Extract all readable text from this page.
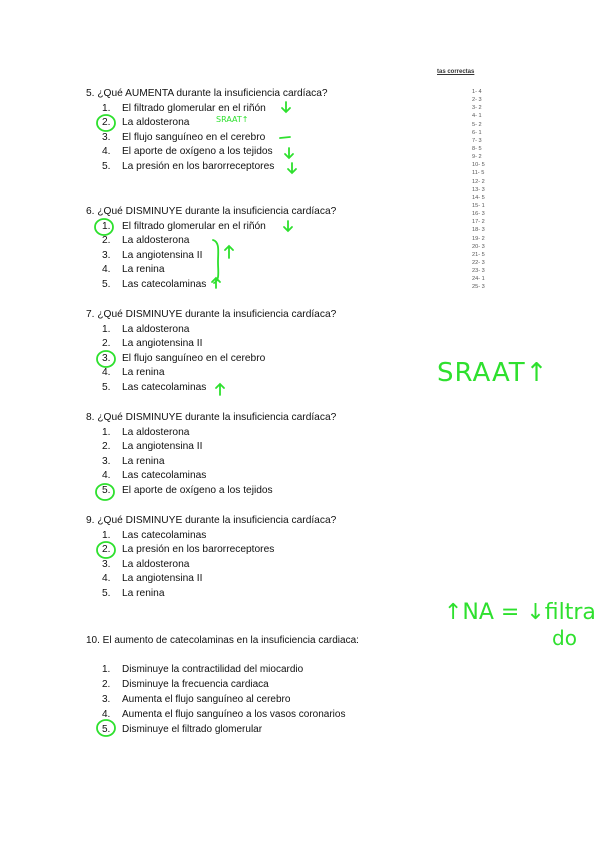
tas correctas
1- 4
2- 3
3- 2
4- 1
5- 2
6- 1
7- 3
8- 5
9- 2
10- 5
11- 5
12- 2
13- 3
14- 5
15- 1
16- 3
17- 2
18- 3
19- 2
20- 3
21- 5
22- 3
23- 3
24- 1
25- 3
5. ¿Qué AUMENTA durante la insuficiencia cardíaca?
1.	El filtrado glomerular en el riñón
2.	La aldosterona
3.	El flujo sanguíneo en el cerebro
4.	El aporte de oxígeno a los tejidos
5.	La presión en los barorreceptores
6. ¿Qué DISMINUYE durante la insuficiencia cardíaca?
1.	El filtrado glomerular en el riñón
2.	La aldosterona
3.	La angiotensina II
4.	La renina
5.	Las catecolaminas
7. ¿Qué DISMINUYE durante la insuficiencia cardíaca?
1.	La aldosterona
2.	La angiotensina II
3.	El flujo sanguíneo en el cerebro
4.	La renina
5.	Las catecolaminas
8. ¿Qué DISMINUYE durante la insuficiencia cardíaca?
1.	La aldosterona
2.	La angiotensina II
3.	La renina
4.	Las catecolaminas
5.	El aporte de oxígeno a los tejidos
9. ¿Qué DISMINUYE durante la insuficiencia cardíaca?
1.	Las catecolaminas
2.	La presión en los barorreceptores
3.	La aldosterona
4.	La angiotensina II
5.	La renina
10. El aumento de catecolaminas en la insuficiencia cardiaca:
1.	Disminuye la contractilidad del miocardio
2.	Disminuye la frecuencia cardiaca
3.	Aumenta el flujo sanguíneo al cerebro
4.	Aumenta el flujo sanguíneo a los vasos coronarios
5.	Disminuye el filtrado glomerular
SRAAT↑
SRAAT↑
↑NA = ↓filtra
do
